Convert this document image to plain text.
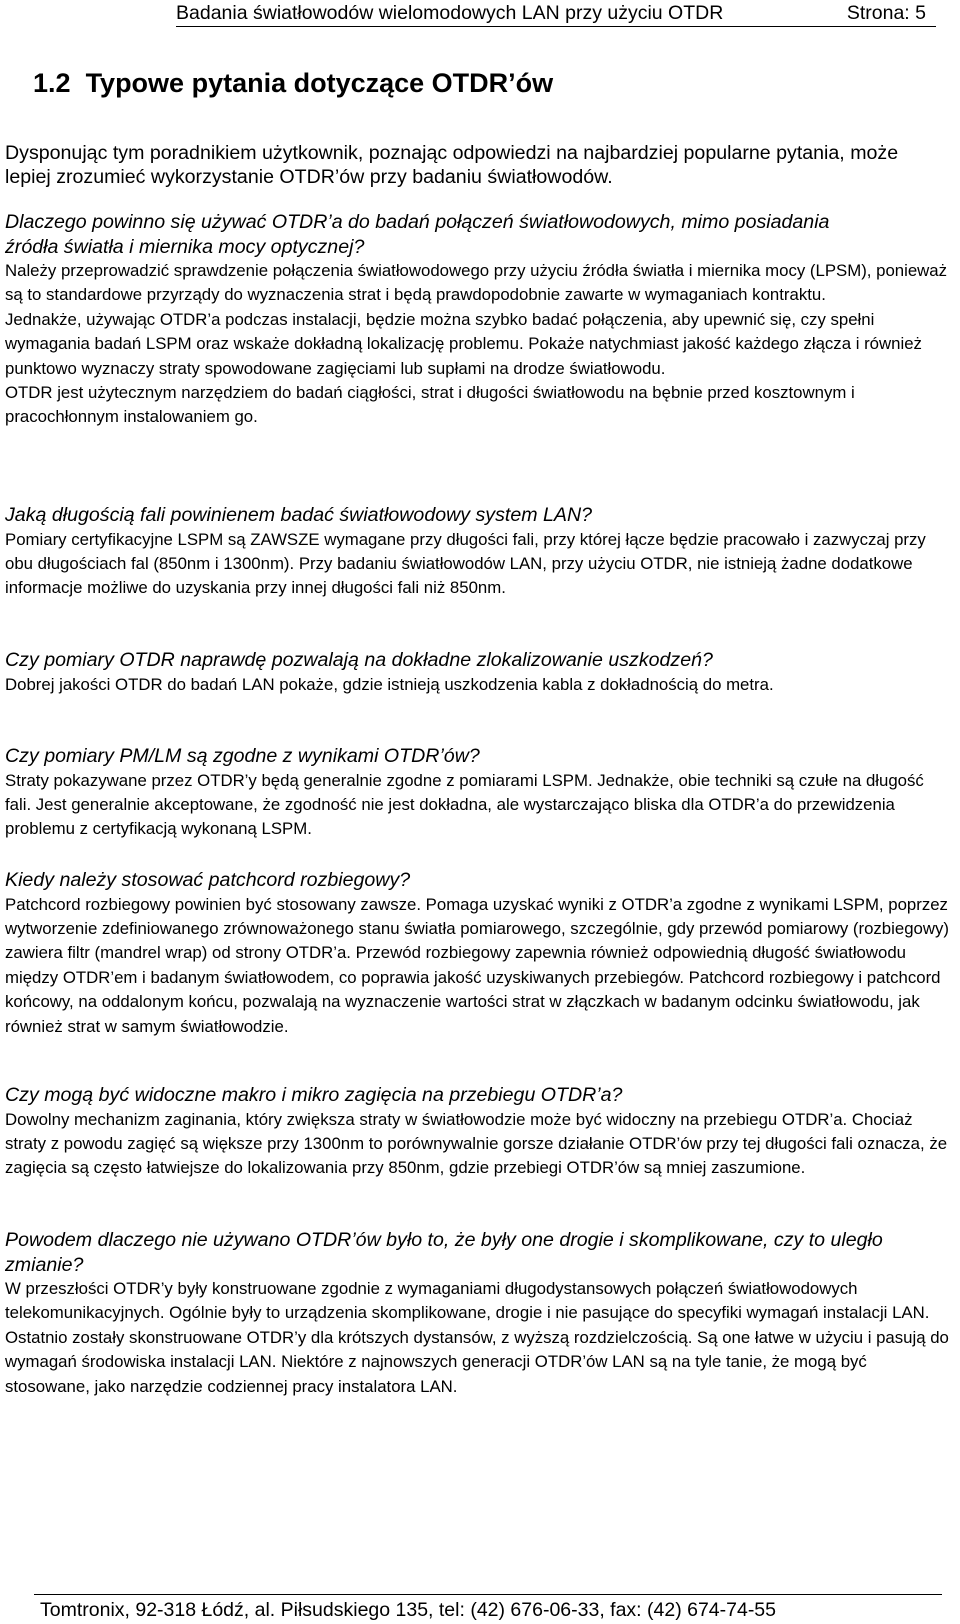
Badania światłowodów wielomodowych LAN przy użyciu OTDR	Strona: 5
1.2 Typowe pytania dotyczące OTDR’ów

Dysponując tym poradnikiem użytkownik, poznając odpowiedzi na najbardziej popularne pytania, może lepiej zrozumieć wykorzystanie OTDR’ów przy badaniu światłowodów.

Dlaczego powinno się używać OTDR’a do badań połączeń światłowodowych, mimo posiadania źródła światła i miernika mocy optycznej?

Należy przeprowadzić sprawdzenie połączenia światłowodowego przy użyciu źródła światła i miernika mocy (LPSM), ponieważ są to standardowe przyrządy do wyznaczenia strat i będą prawdopodobnie zawarte w wymaganiach kontraktu.

Jednakże, używając OTDR’a podczas instalacji, będzie można szybko badać połączenia, aby upewnić się, czy spełni wymagania badań LSPM oraz wskaże dokładną lokalizację problemu. Pokaże natychmiast jakość każdego złącza i również punktowo wyznaczy straty spowodowane zagięciami lub supłami na drodze światłowodu.

OTDR jest użytecznym narzędziem do badań ciągłości, strat i długości światłowodu na bębnie przed kosztownym i pracochłonnym instalowaniem go.

Jaką długością fali powinienem badać światłowodowy system LAN?

Pomiary certyfikacyjne LSPM są ZAWSZE wymagane przy długości fali, przy której łącze będzie pracowało i zazwyczaj przy obu długościach fal (850nm i 1300nm). Przy badaniu światłowodów LAN, przy użyciu OTDR, nie istnieją żadne dodatkowe informacje możliwe do uzyskania przy innej długości fali niż 850nm.

Czy pomiary OTDR naprawdę pozwalają na dokładne zlokalizowanie uszkodzeń?

Dobrej jakości OTDR do badań LAN pokaże, gdzie istnieją uszkodzenia kabla z dokładnością do metra.

Czy pomiary PM/LM są zgodne z wynikami OTDR’ów?

Straty pokazywane przez OTDR’y będą generalnie zgodne z pomiarami LSPM. Jednakże, obie techniki są czułe na długość fali. Jest generalnie akceptowane, że zgodność nie jest dokładna, ale wystarczająco bliska dla OTDR’a do przewidzenia problemu z certyfikacją wykonaną LSPM.

Kiedy należy stosować patchcord rozbiegowy?

Patchcord rozbiegowy powinien być stosowany zawsze. Pomaga uzyskać wyniki z OTDR’a zgodne z wynikami LSPM, poprzez wytworzenie zdefiniowanego zrównoważonego stanu światła pomiarowego, szczególnie, gdy przewód pomiarowy (rozbiegowy) zawiera filtr (mandrel wrap) od strony OTDR’a. Przewód rozbiegowy zapewnia również odpowiednią długość światłowodu między OTDR’em i badanym światłowodem, co poprawia jakość uzyskiwanych przebiegów. Patchcord rozbiegowy i patchcord końcowy, na oddalonym końcu, pozwalają na wyznaczenie wartości strat w złączkach w badanym odcinku światłowodu, jak również strat w samym światłowodzie.

Czy mogą być widoczne makro i mikro zagięcia na przebiegu OTDR’a?

Dowolny mechanizm zaginania, który zwiększa straty w światłowodzie może być widoczny na przebiegu OTDR’a. Chociaż straty z powodu zagięć są większe przy 1300nm to porównywalnie gorsze działanie OTDR’ów przy tej długości fali oznacza, że zagięcia są często łatwiejsze do lokalizowania przy 850nm, gdzie przebiegi OTDR’ów są mniej zaszumione.

Powodem dlaczego nie używano OTDR’ów było to, że były one drogie i skomplikowane, czy to uległo zmianie?

W przeszłości OTDR’y były konstruowane zgodnie z wymaganiami długodystansowych połączeń światłowodowych telekomunikacyjnych. Ogólnie były to urządzenia skomplikowane, drogie i nie pasujące do specyfiki wymagań instalacji LAN.

Ostatnio zostały skonstruowane OTDR’y dla krótszych dystansów, z wyższą rozdzielczością. Są one łatwe w użyciu i pasują do wymagań środowiska instalacji LAN. Niektóre z najnowszych generacji OTDR’ów LAN są na tyle tanie, że mogą być stosowane, jako narzędzie codziennej pracy instalatora LAN.

Tomtronix, 92-318 Łódź, al. Piłsudskiego 135, tel: (42) 676-06-33, fax: (42) 674-74-55
